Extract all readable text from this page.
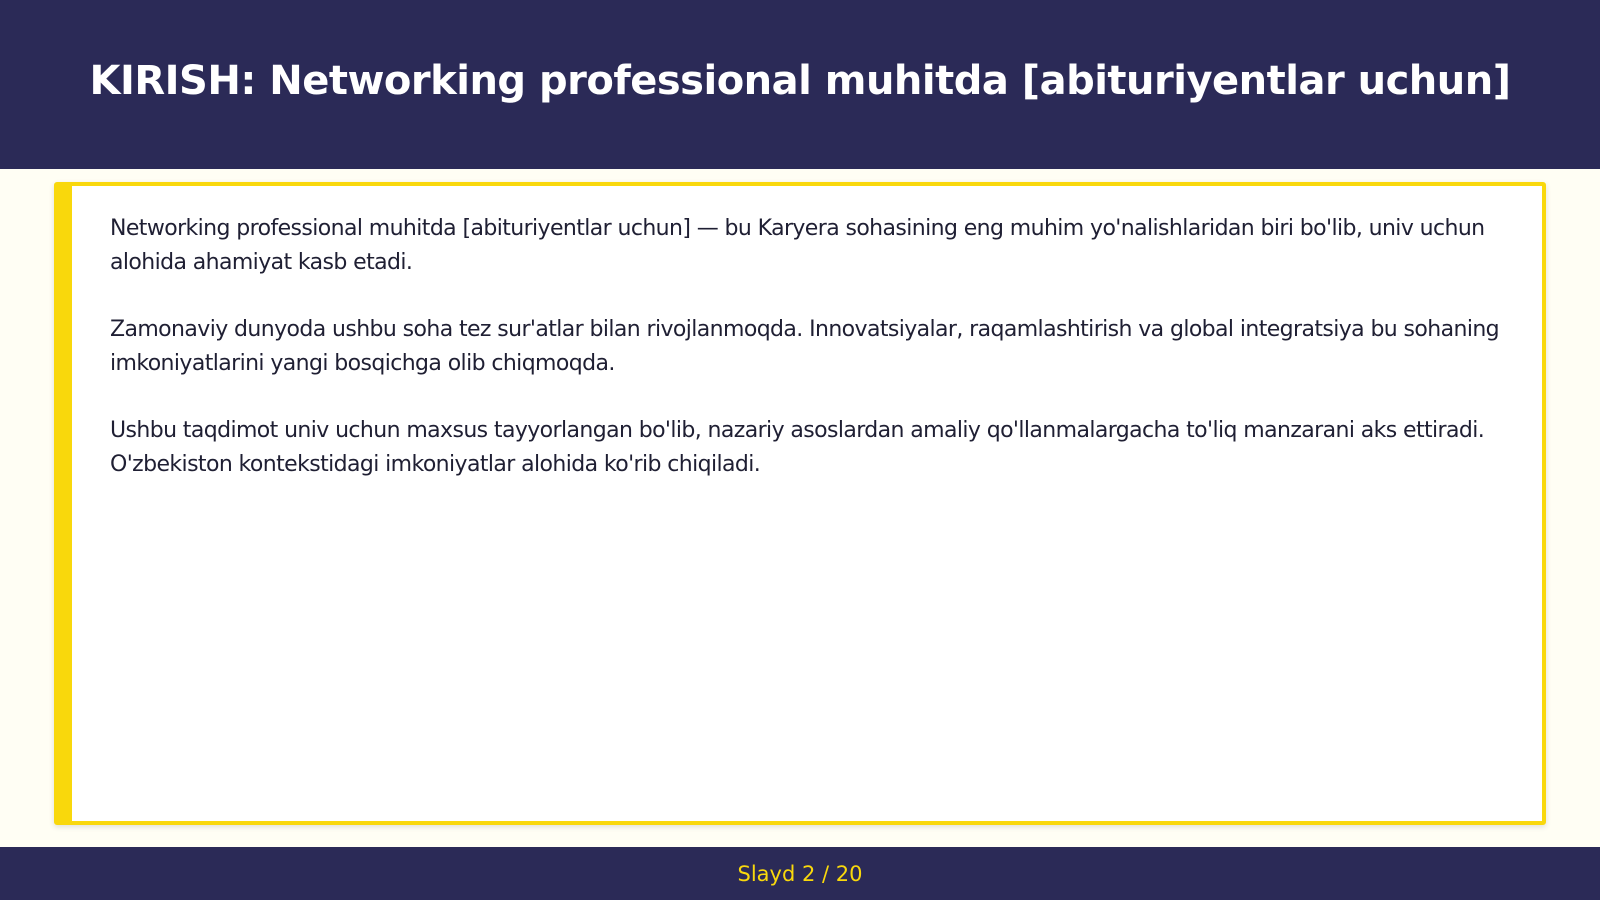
KIRISH: Networking professional muhitda [abituriyentlar uchun]

Networking professional muhitda [abituriyentlar uchun] — bu Karyera sohasining eng muhim yo'nalishlaridan biri bo'lib, univ uchun alohida ahamiyat kasb etadi.

Zamonaviy dunyoda ushbu soha tez sur'atlar bilan rivojlanmoqda. Innovatsiyalar, raqamlashtirish va global integratsiya bu sohaning imkoniyatlarini yangi bosqichga olib chiqmoqda.

Ushbu taqdimot univ uchun maxsus tayyorlangan bo'lib, nazariy asoslardan amaliy qo'llanmalargacha to'liq manzarani aks ettiradi. O'zbekiston kontekstidagi imkoniyatlar alohida ko'rib chiqiladi.

Slayd 2 / 20
